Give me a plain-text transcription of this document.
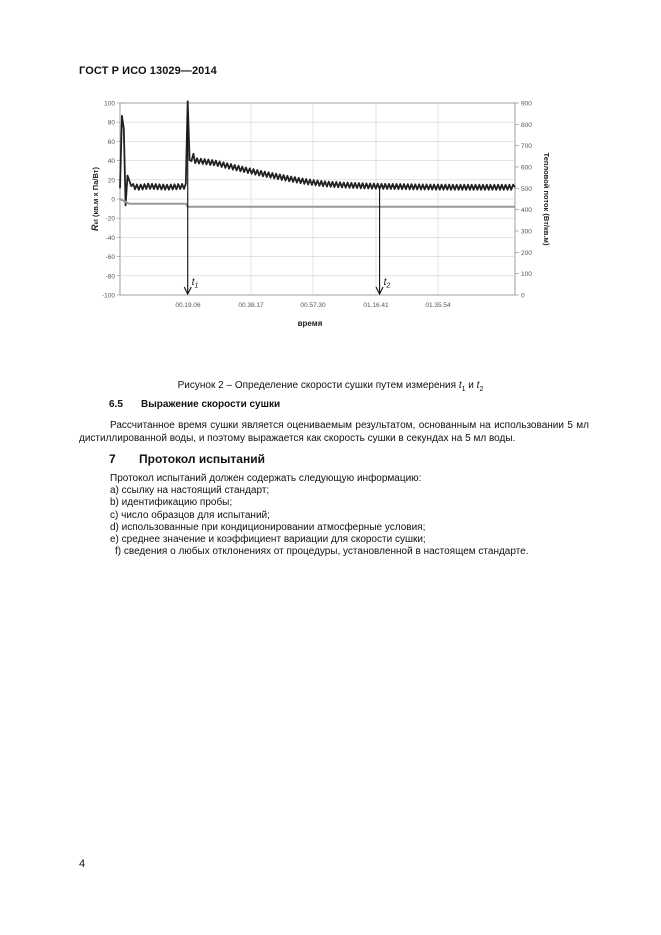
ГОСТ Р ИСО 13029—2014
100
80
60
40
20
0
-20
-40
-60
-80
-100
900
800
700
600
500
400
300
200
100
0
00.19.06	00.38.17	00.57.30	01.16.41	01.35.54
время
Ret (кв.м х Па/Вт)	Тепловой поток (Вт/кв.м)
$t_1$	$t_2$
Рисунок 2 – Определение скорости сушки путем измерения $t_1$ и $t_2$
6.5 Выражение скорости сушки
Рассчитанное время сушки является оцениваемым результатом, основанным на использовании 5 мл дистиллированной воды, и поэтому выражается как скорость сушки в секундах на 5 мл воды.
7 Протокол испытаний
Протокол испытаний должен содержать следующую информацию:
a) ссылку на настоящий стандарт;
b) идентификацию пробы;
c) число образцов для испытаний;
d) использованные при кондиционировании атмосферные условия;
e) среднее значение и коэффициент вариации для скорости сушки;
f) сведения о любых отклонениях от процедуры, установленной в настоящем стандарте.
4
